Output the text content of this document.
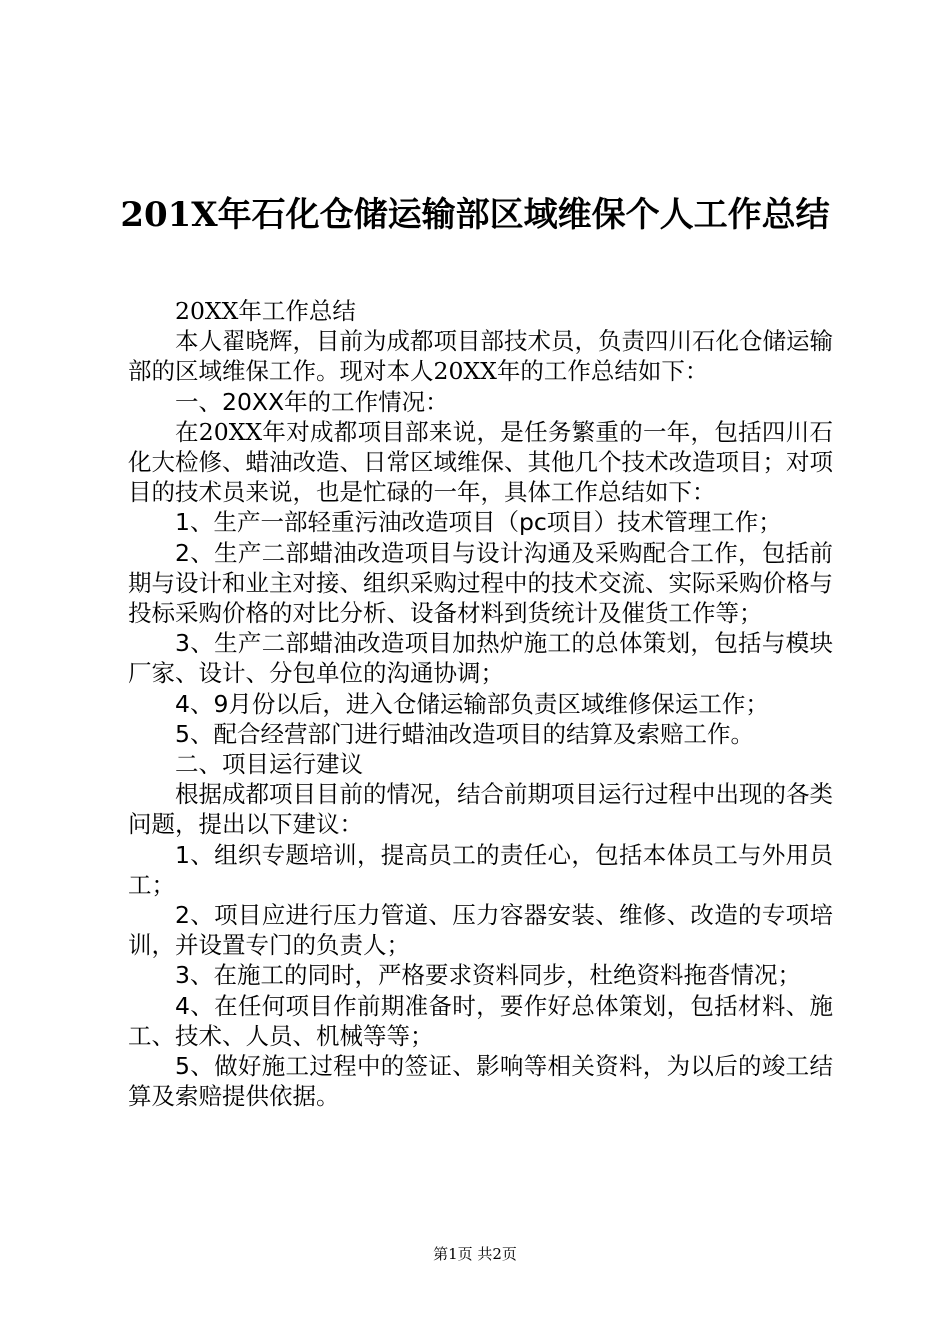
201X年石化仓储运输部区域维保个人工作总结

20XX年工作总结

本人翟晓辉，目前为成都项目部技术员，负责四川石化仓储运输部的区域维保工作。现对本人20XX年的工作总结如下：

一、20XX年的工作情况：

在20XX年对成都项目部来说，是任务繁重的一年，包括四川石化大检修、蜡油改造、日常区域维保、其他几个技术改造项目；对项目的技术员来说，也是忙碌的一年，具体工作总结如下：

1、生产一部轻重污油改造项目（pc项目）技术管理工作；

2、生产二部蜡油改造项目与设计沟通及采购配合工作，包括前期与设计和业主对接、组织采购过程中的技术交流、实际采购价格与投标采购价格的对比分析、设备材料到货统计及催货工作等；

3、生产二部蜡油改造项目加热炉施工的总体策划，包括与模块厂家、设计、分包单位的沟通协调；

4、9月份以后，进入仓储运输部负责区域维修保运工作；

5、配合经营部门进行蜡油改造项目的结算及索赔工作。

二、项目运行建议

根据成都项目目前的情况，结合前期项目运行过程中出现的各类问题，提出以下建议：

1、组织专题培训，提高员工的责任心，包括本体员工与外用员工；

2、项目应进行压力管道、压力容器安装、维修、改造的专项培训，并设置专门的负责人；

3、在施工的同时，严格要求资料同步，杜绝资料拖沓情况；

4、在任何项目作前期准备时，要作好总体策划，包括材料、施工、技术、人员、机械等等；

5、做好施工过程中的签证、影响等相关资料，为以后的竣工结算及索赔提供依据。

第1页 共2页
